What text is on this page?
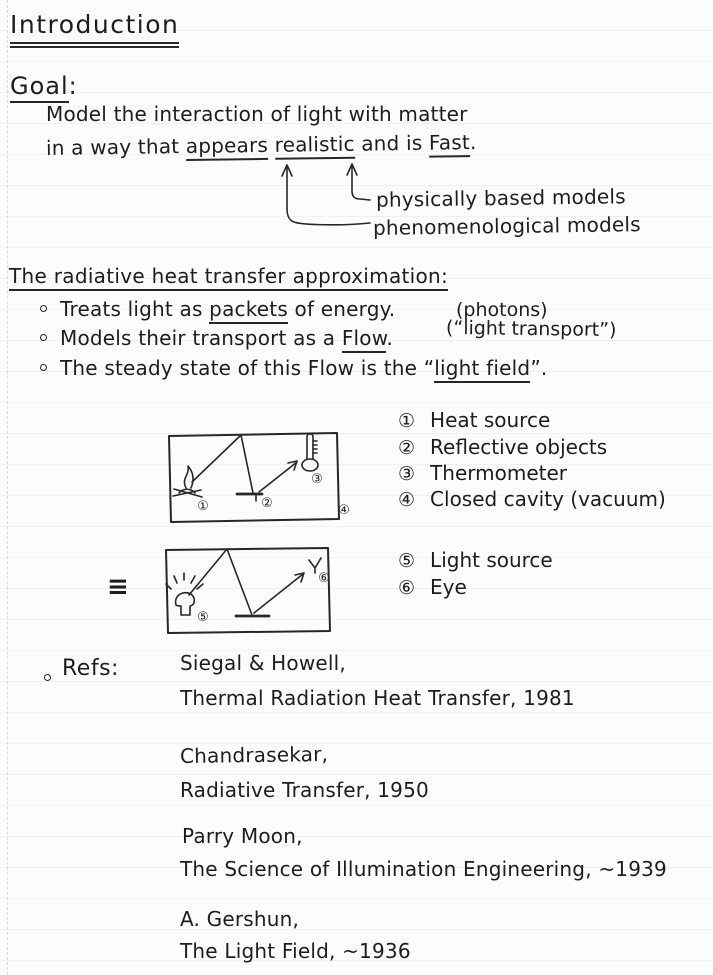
Introduction
Goal:
Model the interaction of light with matter
in a way that appears realistic and is Fast.
physically based models
phenomenological models
The radiative heat transfer approximation:
Treats light as packets of energy.	(photons)
Models their transport as a Flow.	(“light transport”)
The steady state of this Flow is the “light field”.
≡
①	②
③
④
⑤
⑥
① Heat source
② Reflective objects
③ Thermometer
④ Closed cavity (vacuum)
⑤ Light source
⑥ Eye
Refs:	Siegal & Howell,
Thermal Radiation Heat Transfer, 1981
Chandrasekar,
Radiative Transfer, 1950
Parry Moon,
The Science of Illumination Engineering, ~1939
A. Gershun,
The Light Field, ~1936
